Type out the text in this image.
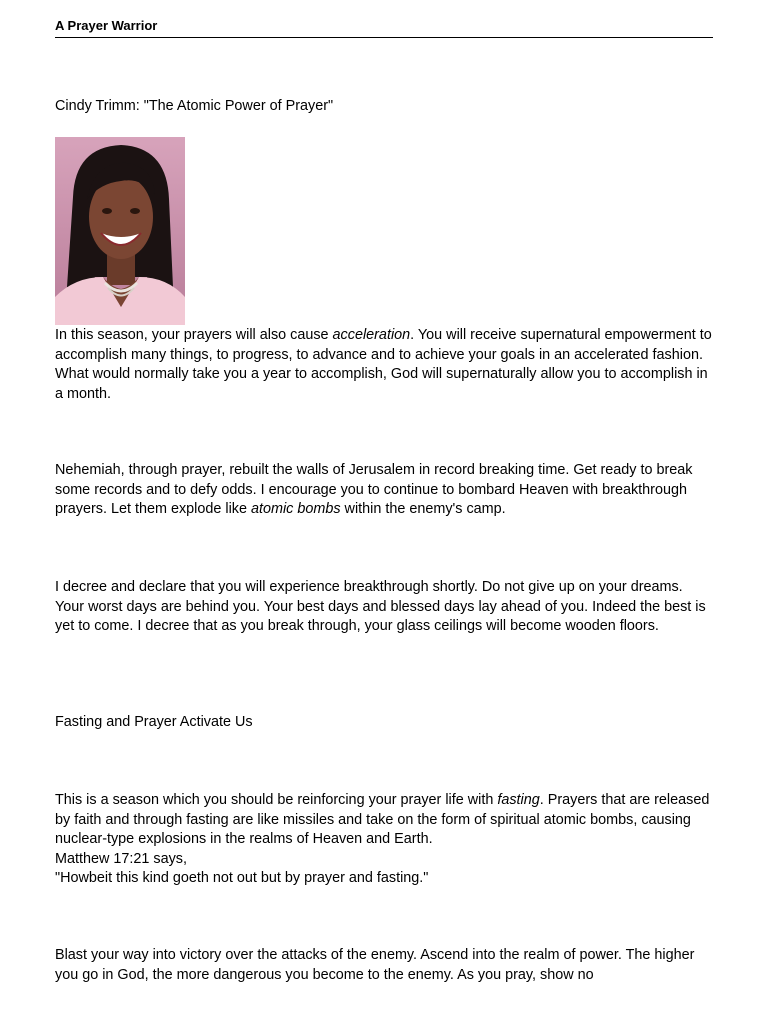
A Prayer Warrior
Cindy Trimm: "The Atomic Power of Prayer"
In this season, your prayers will also cause acceleration. You will receive supernatural empowerment to accomplish many things, to progress, to advance and to achieve your goals in an accelerated fashion. What would normally take you a year to accomplish, God will supernaturally allow you to accomplish in a month.
Nehemiah, through prayer, rebuilt the walls of Jerusalem in record breaking time. Get ready to break some records and to defy odds. I encourage you to continue to bombard Heaven with breakthrough prayers. Let them explode like atomic bombs within the enemy's camp.
I decree and declare that you will experience breakthrough shortly. Do not give up on your dreams. Your worst days are behind you. Your best days and blessed days lay ahead of you. Indeed the best is yet to come. I decree that as you break through, your glass ceilings will become wooden floors.
Fasting and Prayer Activate Us
This is a season which you should be reinforcing your prayer life with fasting. Prayers that are released by faith and through fasting are like missiles and take on the form of spiritual atomic bombs, causing nuclear-type explosions in the realms of Heaven and Earth.
Matthew 17:21 says,
"Howbeit this kind goeth not out but by prayer and fasting."
Blast your way into victory over the attacks of the enemy. Ascend into the realm of power. The higher you go in God, the more dangerous you become to the enemy. As you pray, show no
